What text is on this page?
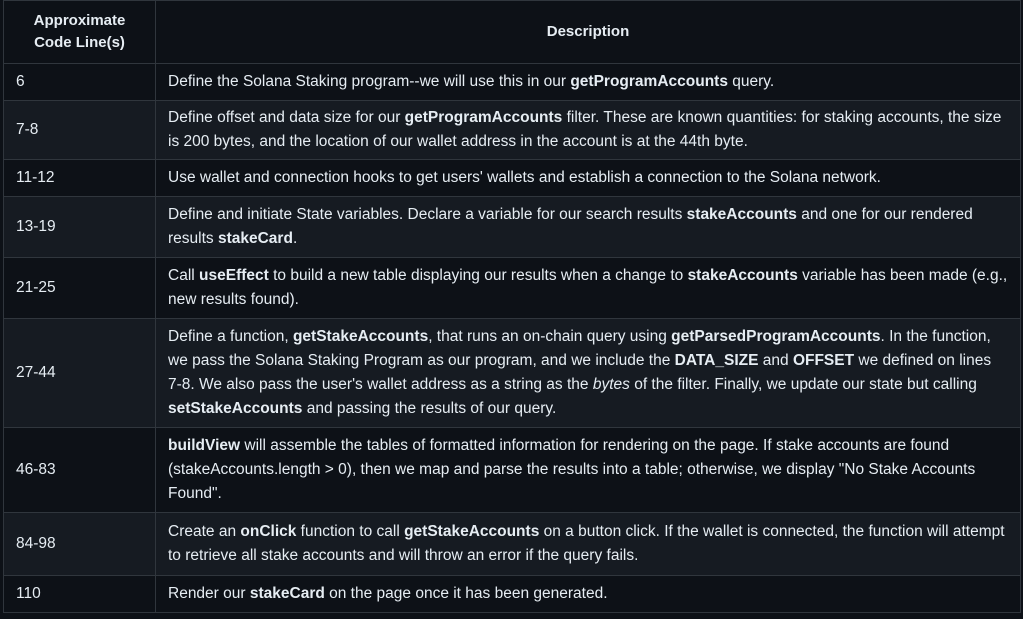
Approximate Code Line(s)	Description
6	Define the Solana Staking program--we will use this in our getProgramAccounts query.
7-8	Define offset and data size for our getProgramAccounts filter. These are known quantities: for staking accounts, the size is 200 bytes, and the location of our wallet address in the account is at the 44th byte.
11-12	Use wallet and connection hooks to get users' wallets and establish a connection to the Solana network.
13-19	Define and initiate State variables. Declare a variable for our search results stakeAccounts and one for our rendered results stakeCard.
21-25	Call useEffect to build a new table displaying our results when a change to stakeAccounts variable has been made (e.g., new results found).
27-44	Define a function, getStakeAccounts, that runs an on-chain query using getParsedProgramAccounts. In the function, we pass the Solana Staking Program as our program, and we include the DATA_SIZE and OFFSET we defined on lines 7-8. We also pass the user's wallet address as a string as the bytes of the filter. Finally, we update our state but calling setStakeAccounts and passing the results of our query.
46-83	buildView will assemble the tables of formatted information for rendering on the page. If stake accounts are found (stakeAccounts.length > 0), then we map and parse the results into a table; otherwise, we display "No Stake Accounts Found".
84-98	Create an onClick function to call getStakeAccounts on a button click. If the wallet is connected, the function will attempt to retrieve all stake accounts and will throw an error if the query fails.
110	Render our stakeCard on the page once it has been generated.
